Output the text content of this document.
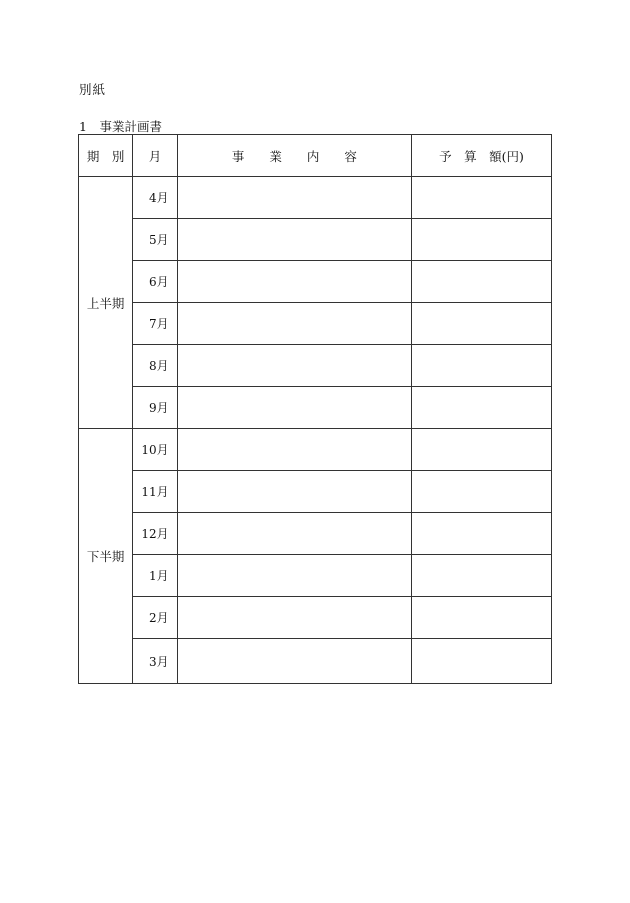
別紙
1　事業計画書
期　別	月	事　　業　　内　　容	予　算　額(円)
上半期	4月		
	5月		
	6月		
	7月		
	8月		
	9月		
下半期	10月		
	11月		
	12月		
	1月		
	2月		
	3月		
